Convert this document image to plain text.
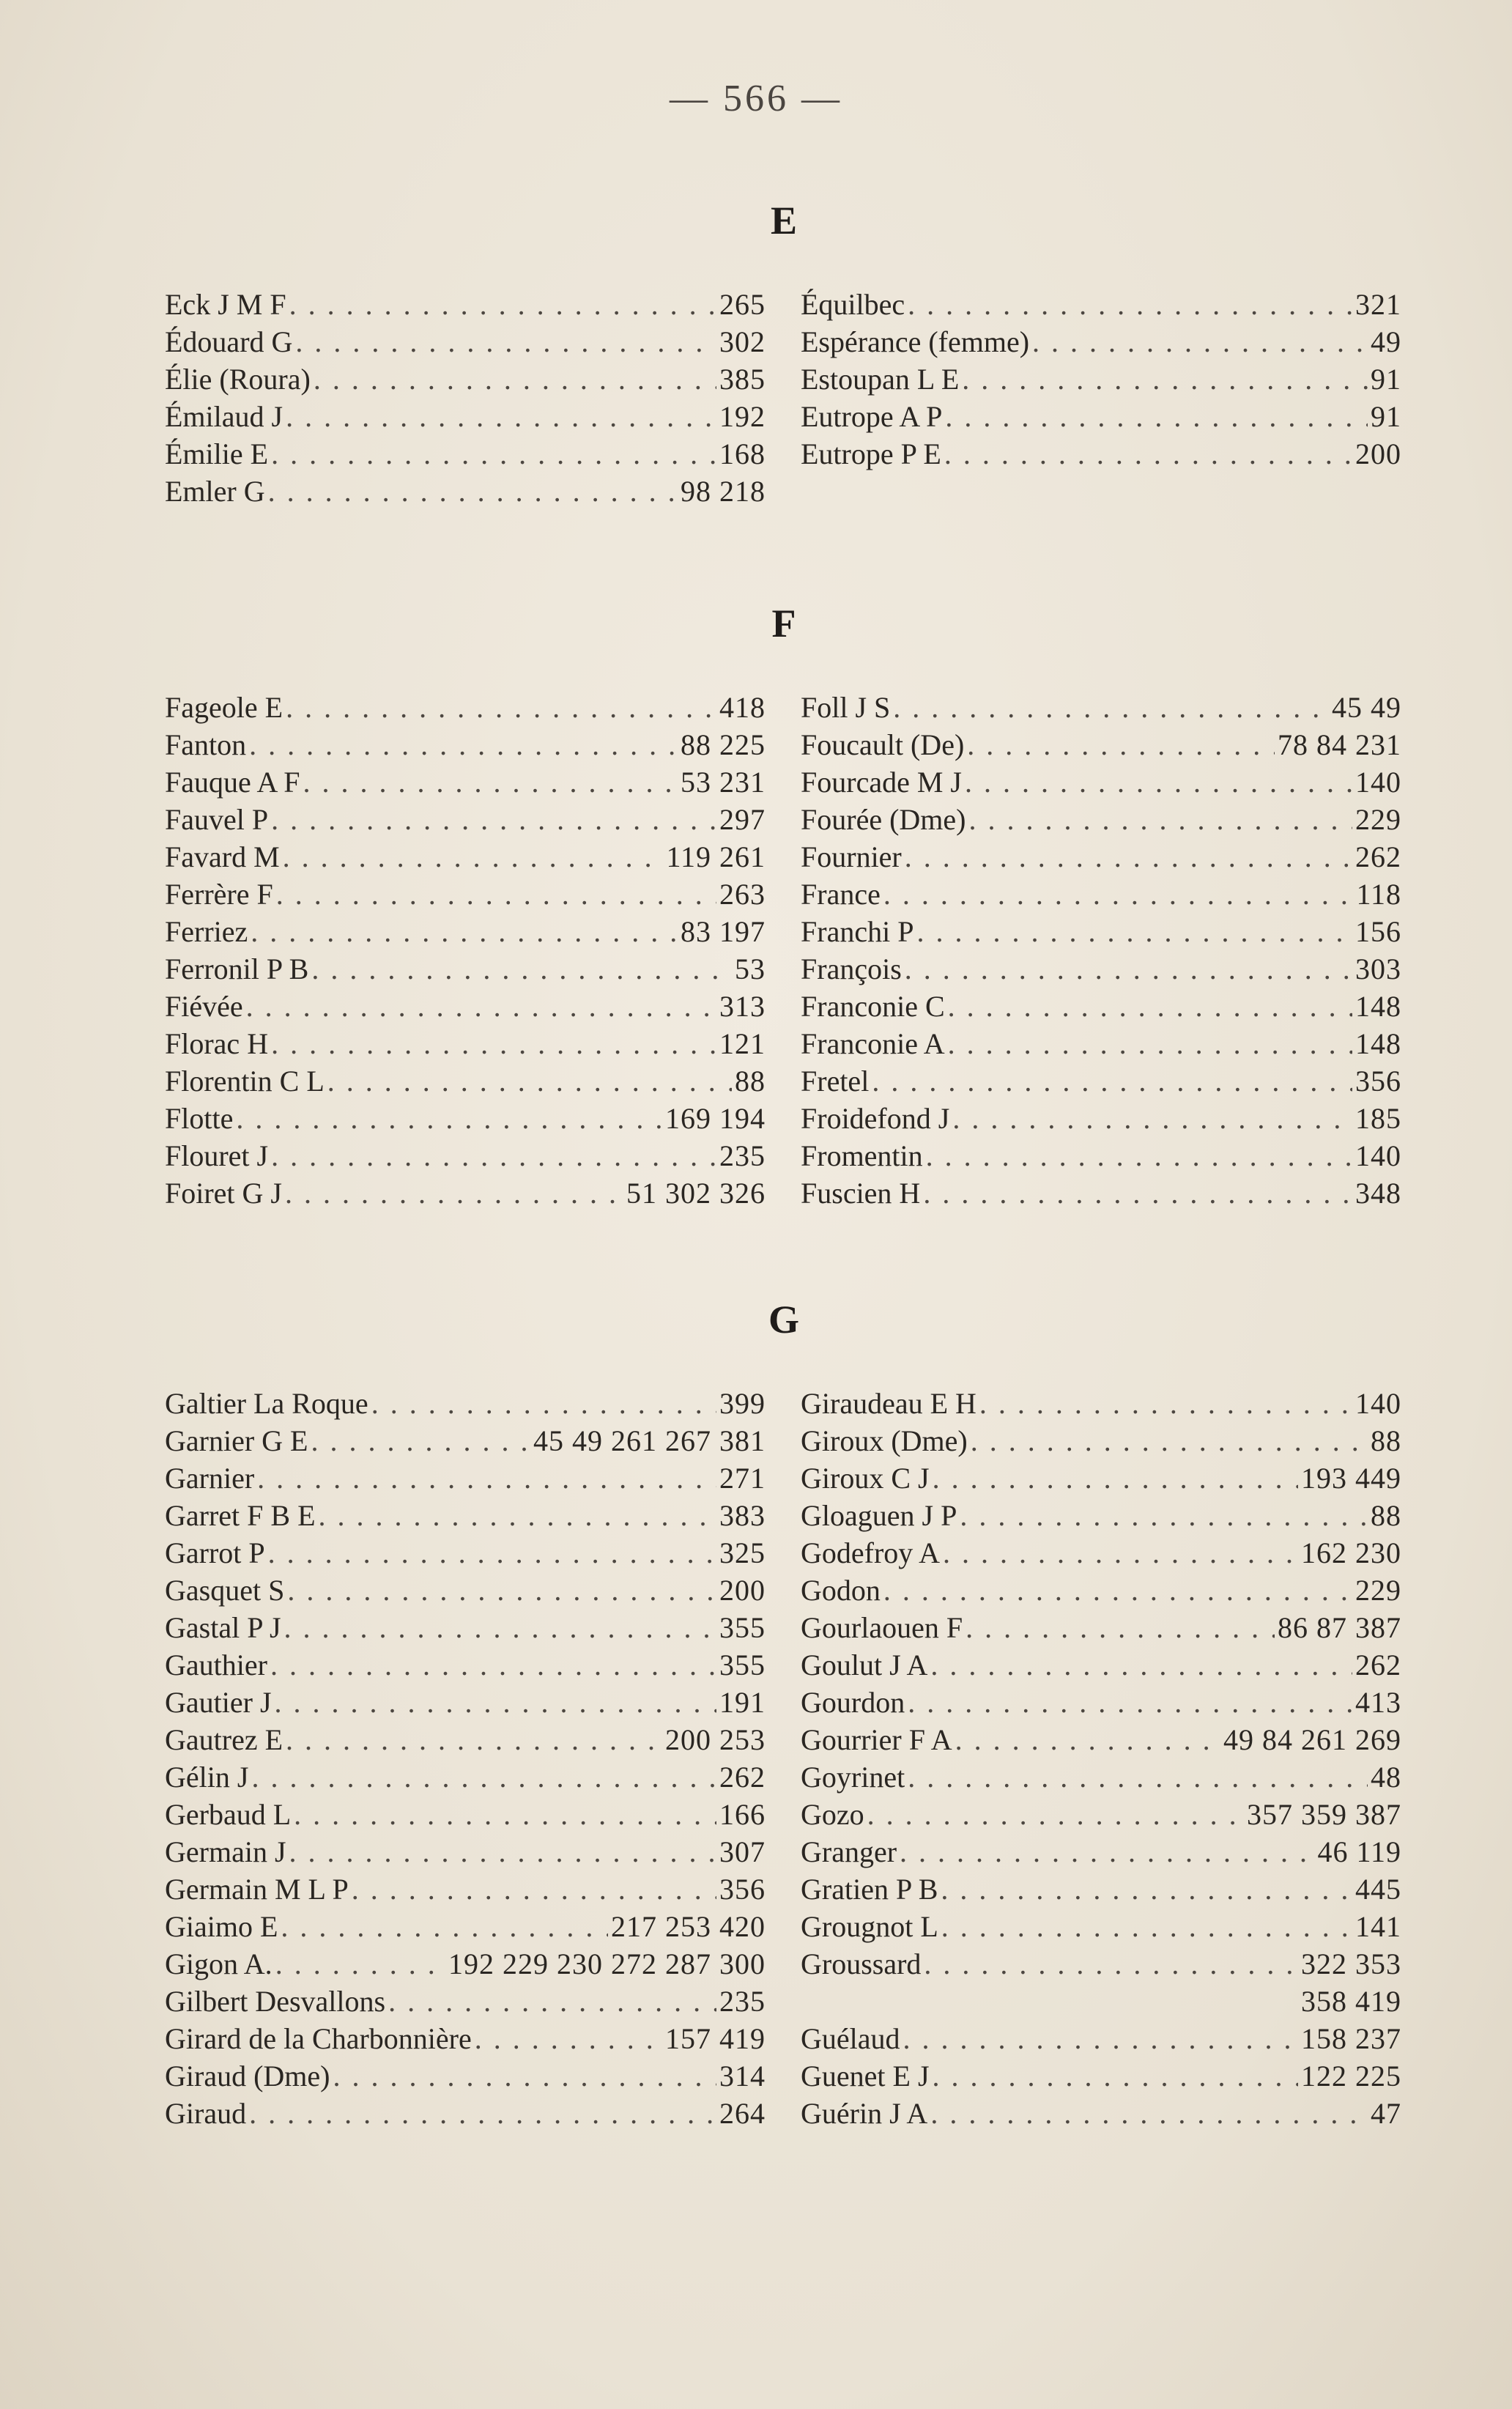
— 566 —
E
Eck J M F . . .	265
Édouard G . . .	302
Élie (Roura) . . .	385
Émilaud J . . .	192
Émilie E . . .	168
Emler G . . .	98 218
Équilbec . . .	321
Espérance (femme) . . .	49
Estoupan L E . . .	91
Eutrope A P . . .	91
Eutrope P E . . .	200
F
Fageole E . . .	418
Fanton . . .	88 225
Fauque A F . . .	53 231
Fauvel P . . .	297
Favard M . . .	119 261
Ferrère F . . .	263
Ferriez . . .	83 197
Ferronil P B . . .	53
Fiévée . . .	313
Florac H . . .	121
Florentin C L . . .	88
Flotte . . .	169 194
Flouret J . . .	235
Foiret G J . . .	51 302 326
Foll J S . . .	45 49
Foucault (De) . . .	78 84 231
Fourcade M J . . .	140
Fourée (Dme) . . .	229
Fournier . . .	262
France . . .	118
Franchi P . . .	156
François . . .	303
Franconie C . . .	148
Franconie A . . .	148
Fretel . . .	356
Froidefond J . . .	185
Fromentin . . .	140
Fuscien H . . .	348
G
Galtier La Roque . . .	399
Garnier G E . . .	45 49 261 267 381
Garnier . . .	271
Garret F B E . . .	383
Garrot P . . .	325
Gasquet S . . .	200
Gastal P J . . .	355
Gauthier . . .	355
Gautier J . . .	191
Gautrez E . . .	200 253
Gélin J . . .	262
Gerbaud L . . .	166
Germain J . . .	307
Germain M L P . . .	356
Giaimo E . . .	217 253 420
Gigon A. . . .	192 229 230 272 287 300
Gilbert Desvallons . . .	235
Girard de la Charbonnière . . .	157 419
Giraud (Dme) . . .	314
Giraud . . .	264
Giraudeau E H . . .	140
Giroux (Dme) . . .	88
Giroux C J . . .	193 449
Gloaguen J P . . .	88
Godefroy A . . .	162 230
Godon . . .	229
Gourlaouen F . . .	86 87 387
Goulut J A . . .	262
Gourdon . . .	413
Gourrier F A . . .	49 84 261 269
Goyrinet . . .	48
Gozo . . .	357 359 387
Granger . . .	46 119
Gratien P B . . .	445
Grougnot L . . .	141
Groussard . . .	322 353
358 419
Guélaud . . .	158 237
Guenet E J . . .	122 225
Guérin J A . . .	47
